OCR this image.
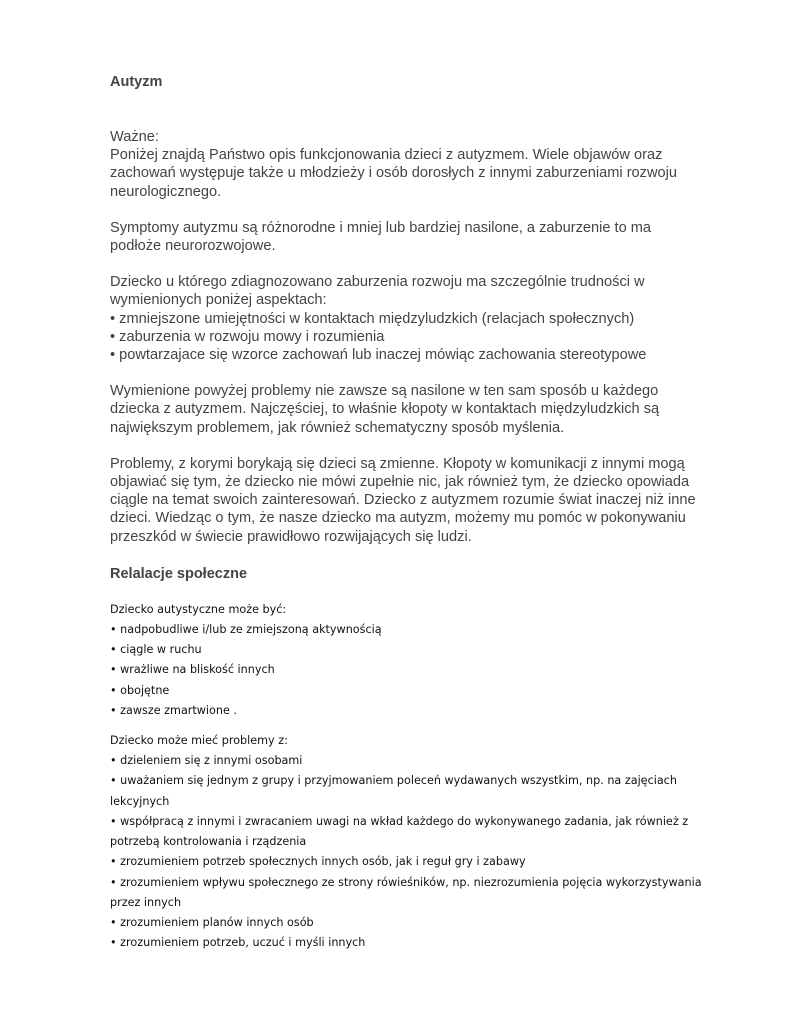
Autyzm
Ważne:
Poniżej znajdą Państwo opis funkcjonowania dzieci z autyzmem. Wiele objawów oraz
zachowań występuje także u młodzieży i osób dorosłych z innymi zaburzeniami rozwoju
neurologicznego.
Symptomy autyzmu są różnorodne i mniej lub bardziej nasilone, a zaburzenie to ma
podłoże neurorozwojowe.
Dziecko u którego zdiagnozowano zaburzenia rozwoju ma szczególnie trudności w
wymienionych poniżej aspektach:
• zmniejszone umiejętności w kontaktach międzyludzkich (relacjach społecznych)
• zaburzenia w rozwoju mowy i rozumienia
• powtarzajace się wzorce zachowań lub inaczej mówiąc zachowania stereotypowe
Wymienione powyżej problemy nie zawsze są nasilone w ten sam sposób u każdego
dziecka z autyzmem. Najczęściej, to właśnie kłopoty w kontaktach międzyludzkich są
największym problemem, jak również schematyczny sposób myślenia.
Problemy, z korymi borykają się dzieci są zmienne. Kłopoty w komunikacji z innymi mogą
objawiać się tym, że dziecko nie mówi zupełnie nic, jak również tym, że dziecko opowiada
ciągle na temat swoich zainteresowań. Dziecko z autyzmem rozumie świat inaczej niż inne
dzieci. Wiedząc o tym, że nasze dziecko ma autyzm, możemy mu pomóc w pokonywaniu
przeszkód w świecie prawidłowo rozwijających się ludzi.
Relalacje społeczne
Dziecko autystyczne może być:
• nadpobudliwe i/lub ze zmiejszoną aktywnością
• ciągle w ruchu
• wrażliwe na bliskość innych
• obojętne
• zawsze zmartwione .
Dziecko może mieć problemy z:
• dzieleniem się z innymi osobami
• uważaniem się jednym z grupy i przyjmowaniem poleceń wydawanych wszystkim, np. na zajęciach
lekcyjnych
• współpracą z innymi i zwracaniem uwagi na wkład każdego do wykonywanego zadania, jak również z
potrzebą kontrolowania i rządzenia
• zrozumieniem potrzeb społecznych innych osób, jak i reguł gry i zabawy
• zrozumieniem wpływu społecznego ze strony rówieśników, np. niezrozumienia pojęcia wykorzystywania
przez innych
• zrozumieniem planów innych osób
• zrozumieniem potrzeb, uczuć i myśli innych
